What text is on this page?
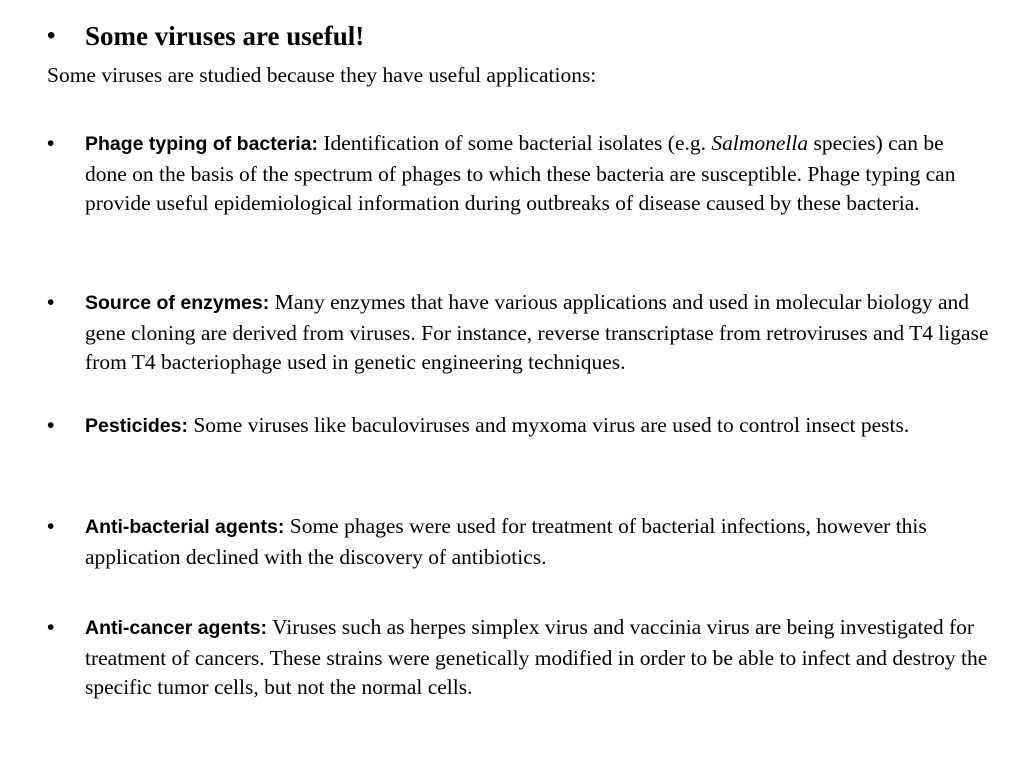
• Some viruses are useful!
Some viruses are studied because they have useful applications:
• Phage typing of bacteria: Identification of some bacterial isolates (e.g. Salmonella species) can be done on the basis of the spectrum of phages to which these bacteria are susceptible. Phage typing can provide useful epidemiological information during outbreaks of disease caused by these bacteria.
• Source of enzymes: Many enzymes that have various applications and used in molecular biology and gene cloning are derived from viruses. For instance, reverse transcriptase from retroviruses and T4 ligase from T4 bacteriophage used in genetic engineering techniques.
• Pesticides: Some viruses like baculoviruses and myxoma virus are used to control insect pests.
• Anti-bacterial agents: Some phages were used for treatment of bacterial infections, however this application declined with the discovery of antibiotics.
• Anti-cancer agents: Viruses such as herpes simplex virus and vaccinia virus are being investigated for treatment of cancers. These strains were genetically modified in order to be able to infect and destroy the specific tumor cells, but not the normal cells.
